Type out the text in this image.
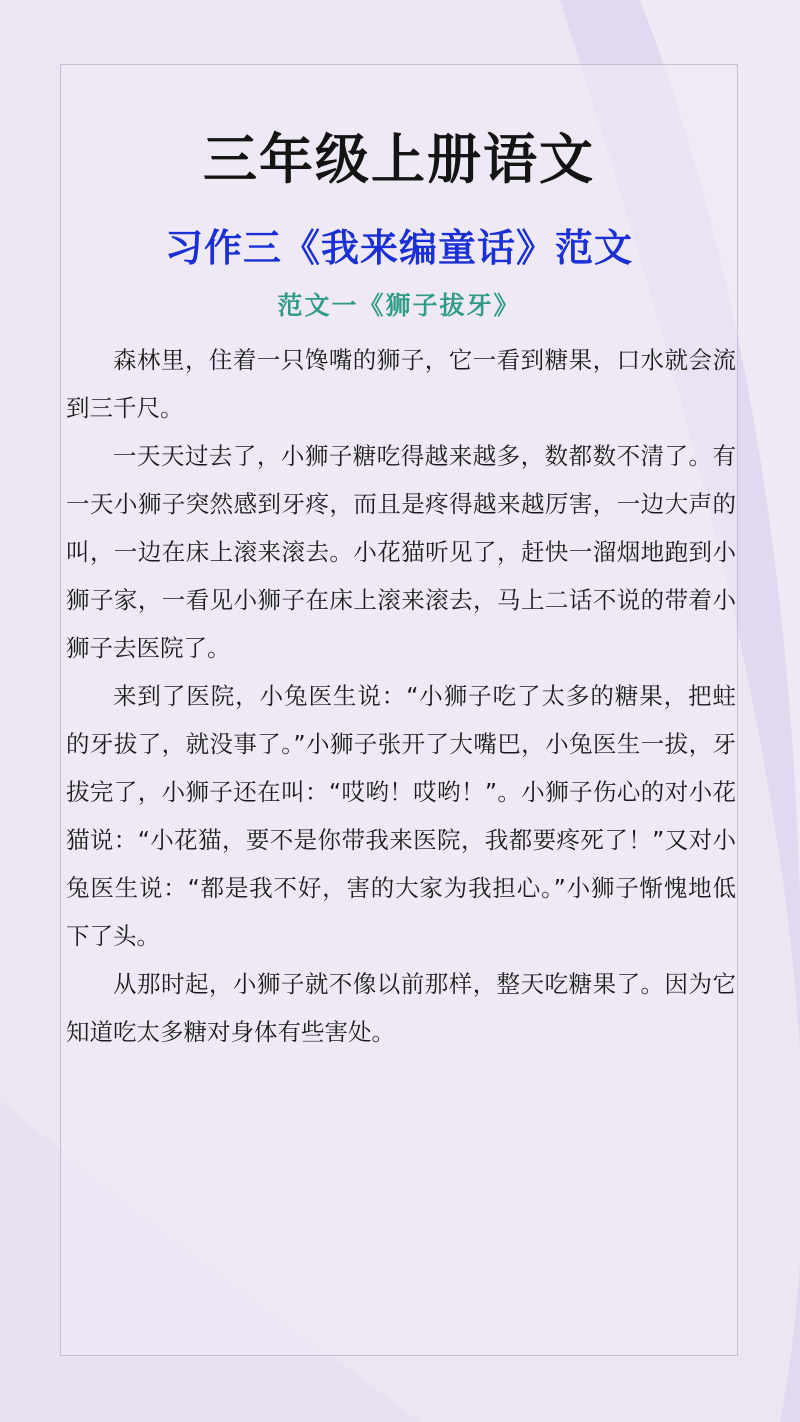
三年级上册语文
习作三《我来编童话》范文
范文一《狮子拔牙》

森林里，住着一只馋嘴的狮子，它一看到糖果，口水就会流到三千尺。

一天天过去了，小狮子糖吃得越来越多，数都数不清了。有一天小狮子突然感到牙疼，而且是疼得越来越厉害，一边大声的叫，一边在床上滚来滚去。小花猫听见了，赶快一溜烟地跑到小狮子家，一看见小狮子在床上滚来滚去，马上二话不说的带着小狮子去医院了。

来到了医院，小兔医生说：“小狮子吃了太多的糖果，把蛀的牙拔了，就没事了。”小狮子张开了大嘴巴，小兔医生一拔，牙拔完了，小狮子还在叫：“哎哟！哎哟！”。小狮子伤心的对小花猫说：“小花猫，要不是你带我来医院，我都要疼死了！”又对小兔医生说：“都是我不好，害的大家为我担心。”小狮子惭愧地低下了头。

从那时起，小狮子就不像以前那样，整天吃糖果了。因为它知道吃太多糖对身体有些害处。
